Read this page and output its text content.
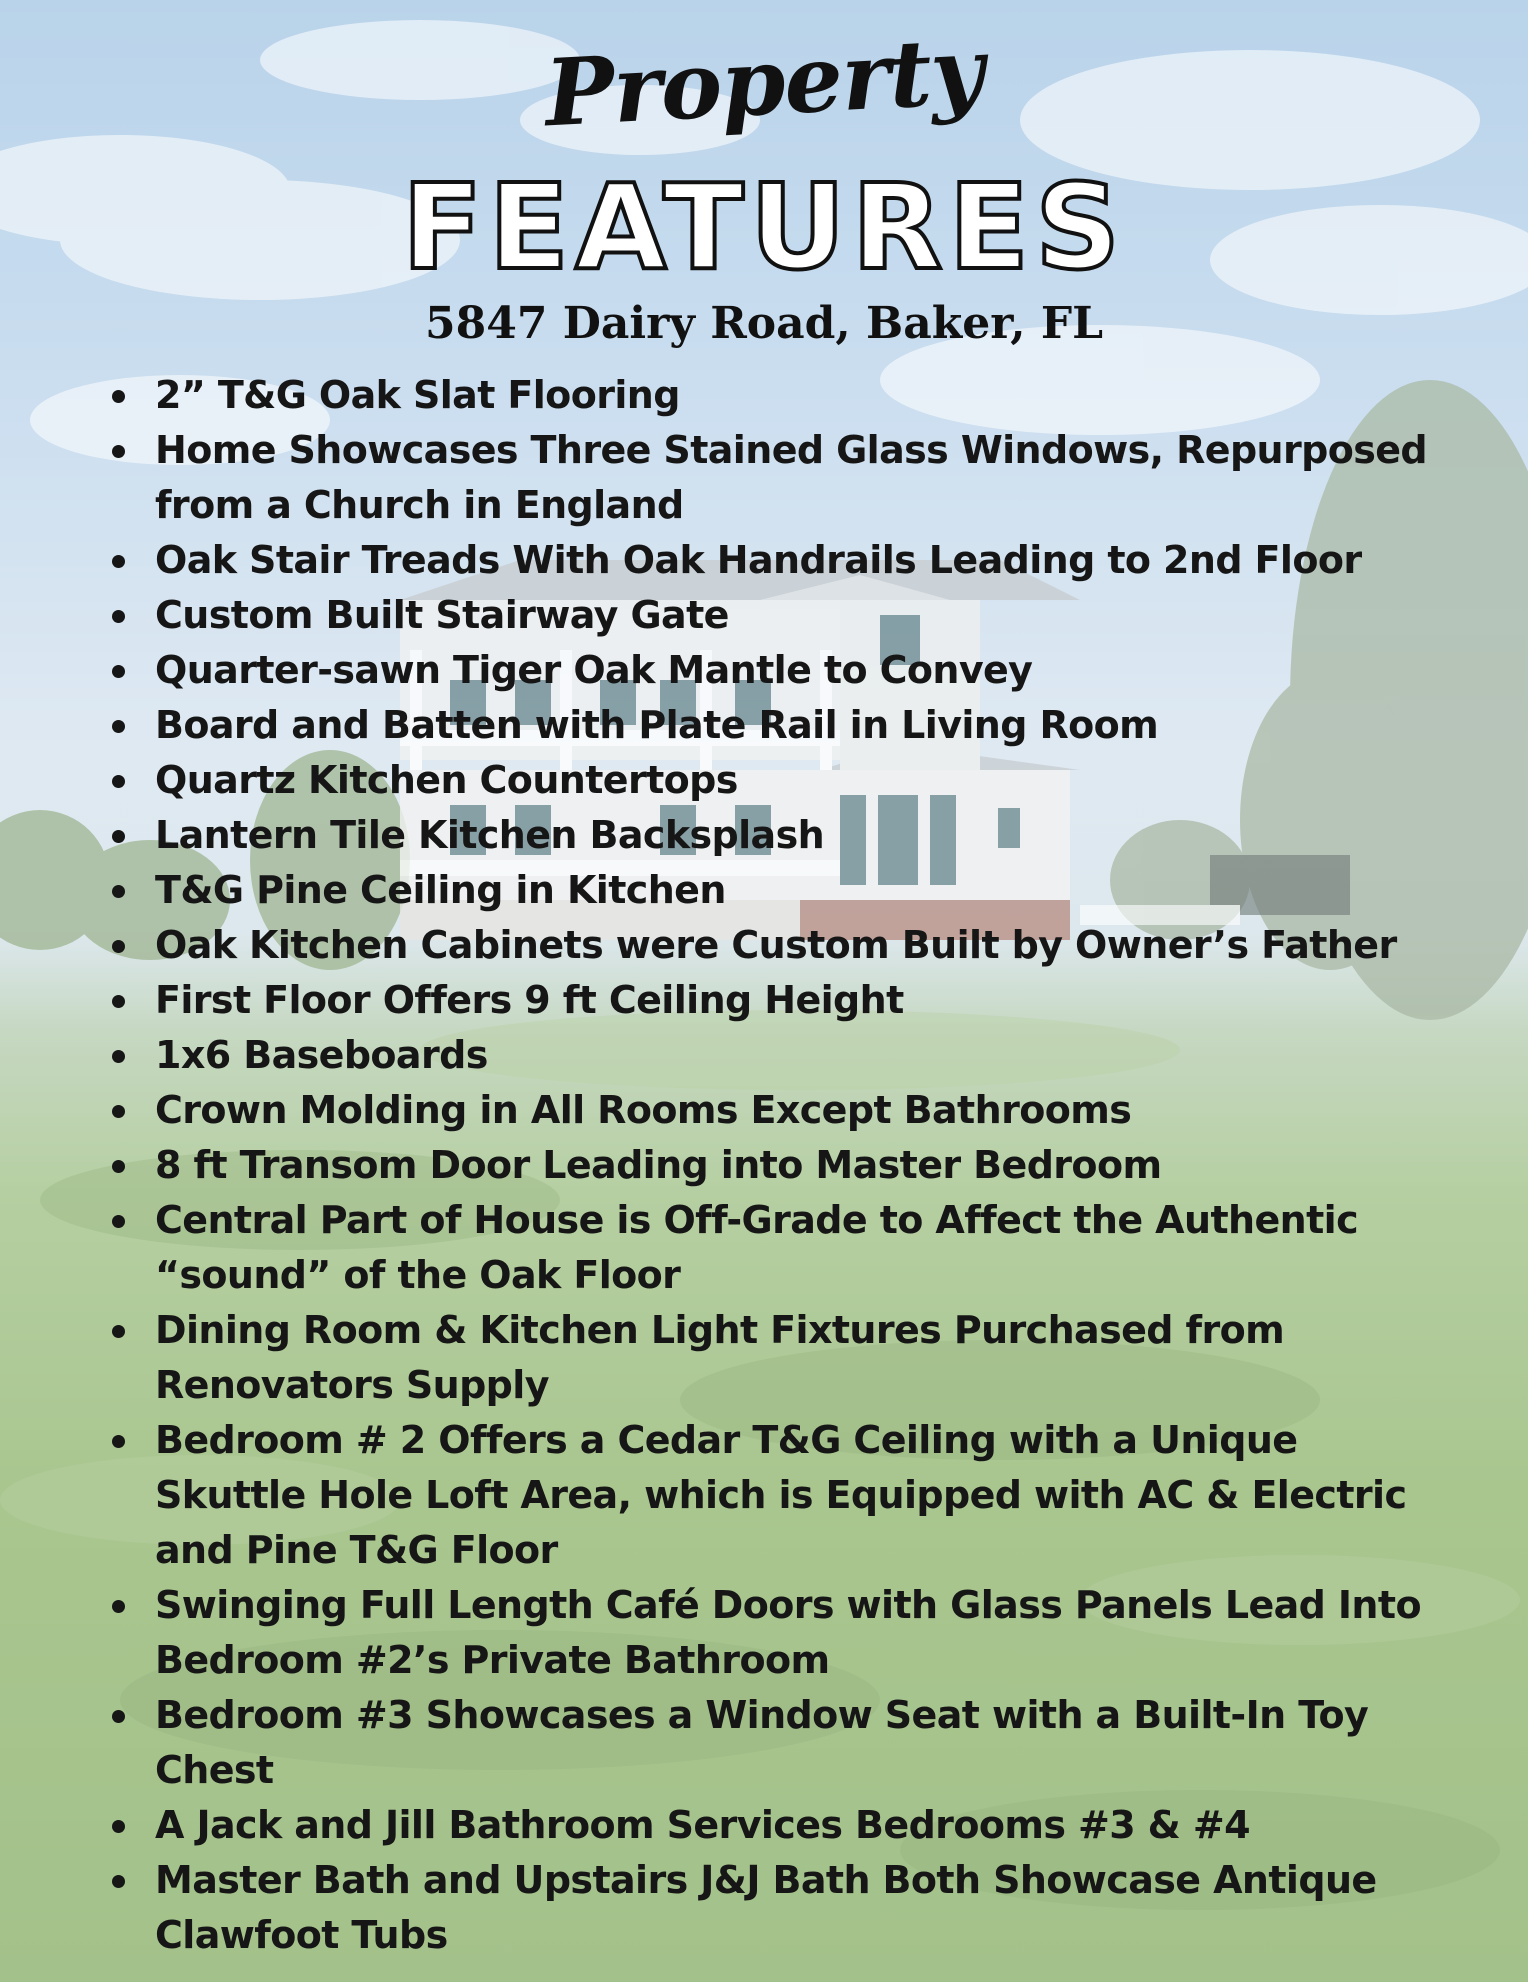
Property
FEATURES
5847 Dairy Road, Baker, FL
2” T&G Oak Slat Flooring
Home Showcases Three Stained Glass Windows, Repurposed from a Church in England
Oak Stair Treads With Oak Handrails Leading to 2nd Floor
Custom Built Stairway Gate
Quarter-sawn Tiger Oak Mantle to Convey
Board and Batten with Plate Rail in Living Room
Quartz Kitchen Countertops
Lantern Tile Kitchen Backsplash
T&G Pine Ceiling in Kitchen
Oak Kitchen Cabinets were Custom Built by Owner’s Father
First Floor Offers 9 ft Ceiling Height
1x6 Baseboards
Crown Molding in All Rooms Except Bathrooms
8 ft Transom Door Leading into Master Bedroom
Central Part of House is Off-Grade to Affect the Authentic “sound” of the Oak Floor
Dining Room & Kitchen Light Fixtures Purchased from Renovators Supply
Bedroom # 2 Offers a Cedar T&G Ceiling with a Unique Skuttle Hole Loft Area, which is Equipped with AC & Electric and Pine T&G Floor
Swinging Full Length Café Doors with Glass Panels Lead Into Bedroom #2’s Private Bathroom
Bedroom #3 Showcases a Window Seat with a Built-In Toy Chest
A Jack and Jill Bathroom Services Bedrooms #3 & #4
Master Bath and Upstairs J&J Bath Both Showcase Antique Clawfoot Tubs
